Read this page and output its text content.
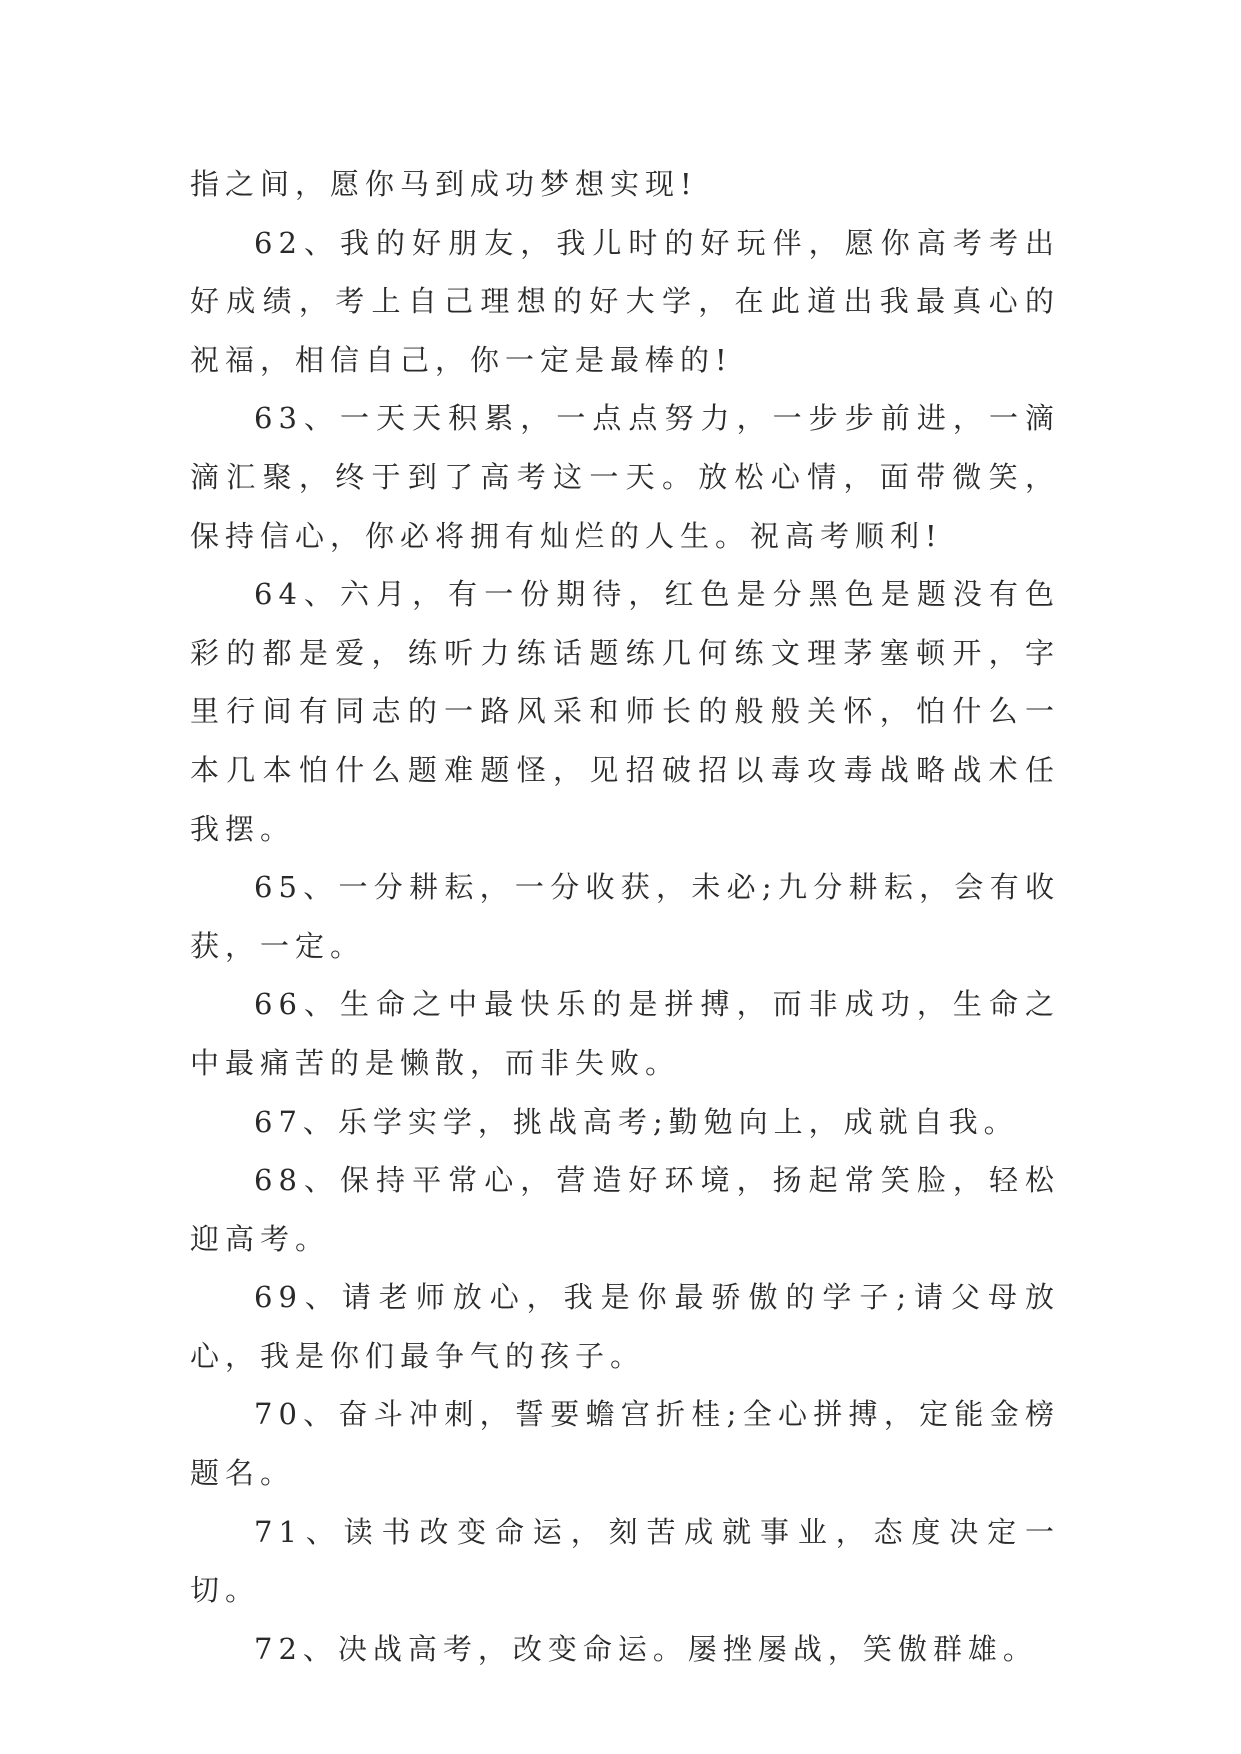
指之间，愿你马到成功梦想实现!

62、我的好朋友，我儿时的好玩伴，愿你高考考出好成绩，考上自己理想的好大学，在此道出我最真心的祝福，相信自己，你一定是最棒的!

63、一天天积累，一点点努力，一步步前进，一滴滴汇聚，终于到了高考这一天。放松心情，面带微笑，保持信心，你必将拥有灿烂的人生。祝高考顺利!

64、六月，有一份期待，红色是分黑色是题没有色彩的都是爱，练听力练话题练几何练文理茅塞顿开，字里行间有同志的一路风采和师长的般般关怀，怕什么一本几本怕什么题难题怪，见招破招以毒攻毒战略战术任我摆。

65、一分耕耘，一分收获，未必;九分耕耘，会有收获，一定。

66、生命之中最快乐的是拼搏，而非成功，生命之中最痛苦的是懒散，而非失败。

67、乐学实学，挑战高考;勤勉向上，成就自我。

68、保持平常心，营造好环境，扬起常笑脸，轻松迎高考。

69、请老师放心，我是你最骄傲的学子;请父母放心，我是你们最争气的孩子。

70、奋斗冲刺，誓要蟾宫折桂;全心拼搏，定能金榜题名。

71、读书改变命运，刻苦成就事业，态度决定一切。

72、决战高考，改变命运。屡挫屡战，笑傲群雄。
